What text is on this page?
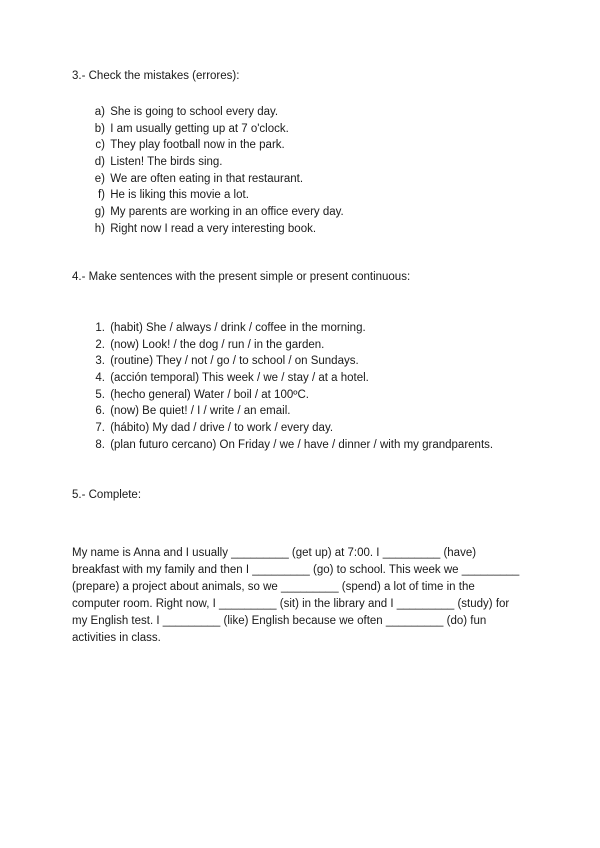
3.- Check the mistakes (errores):
a) She is going to school every day.
b) I am usually getting up at 7 o'clock.
c) They play football now in the park.
d) Listen! The birds sing.
e) We are often eating in that restaurant.
f) He is liking this movie a lot.
g) My parents are working in an office every day.
h) Right now I read a very interesting book.
4.- Make sentences with the present simple or present continuous:
1. (habit) She / always / drink / coffee in the morning.
2. (now) Look! / the dog / run / in the garden.
3. (routine) They / not / go / to school / on Sundays.
4. (acción temporal) This week / we / stay / at a hotel.
5. (hecho general) Water / boil / at 100ºC.
6. (now) Be quiet! / I / write / an email.
7. (hábito) My dad / drive / to work / every day.
8. (plan futuro cercano) On Friday / we / have / dinner / with my grandparents.
5.- Complete:

My name is Anna and I usually _________ (get up) at 7:00. I _________ (have) breakfast with my family and then I _________ (go) to school. This week we _________ (prepare) a project about animals, so we _________ (spend) a lot of time in the computer room. Right now, I _________ (sit) in the library and I _________ (study) for my English test. I _________ (like) English because we often _________ (do) fun activities in class.
